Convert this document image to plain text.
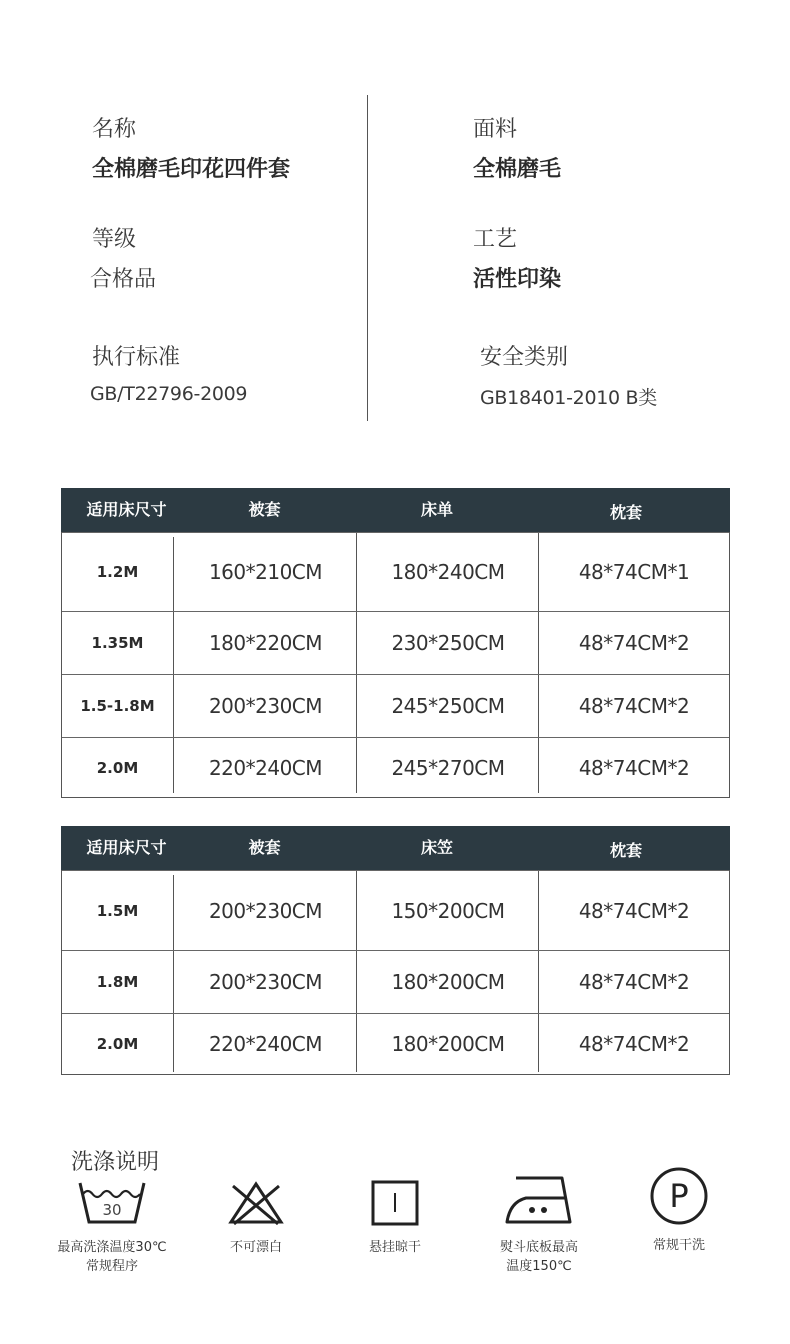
名称
全棉磨毛印花四件套
面料
全棉磨毛
等级
合格品
工艺
活性印染
执行标准
GB/T22796-2009
安全类别
GB18401-2010 B类
适用床尺寸	被套	床单	枕套
1.2M	160*210CM	180*240CM	48*74CM*1
1.35M	180*220CM	230*250CM	48*74CM*2
1.5-1.8M	200*230CM	245*250CM	48*74CM*2
2.0M	220*240CM	245*270CM	48*74CM*2
适用床尺寸	被套	床笠	枕套
1.5M	200*230CM	150*200CM	48*74CM*2
1.8M	200*230CM	180*200CM	48*74CM*2
2.0M	220*240CM	180*200CM	48*74CM*2
洗涤说明
30
最高洗涤温度30℃
常规程序
不可漂白	悬挂晾干	熨斗底板最高
温度150℃
P
常规干洗
